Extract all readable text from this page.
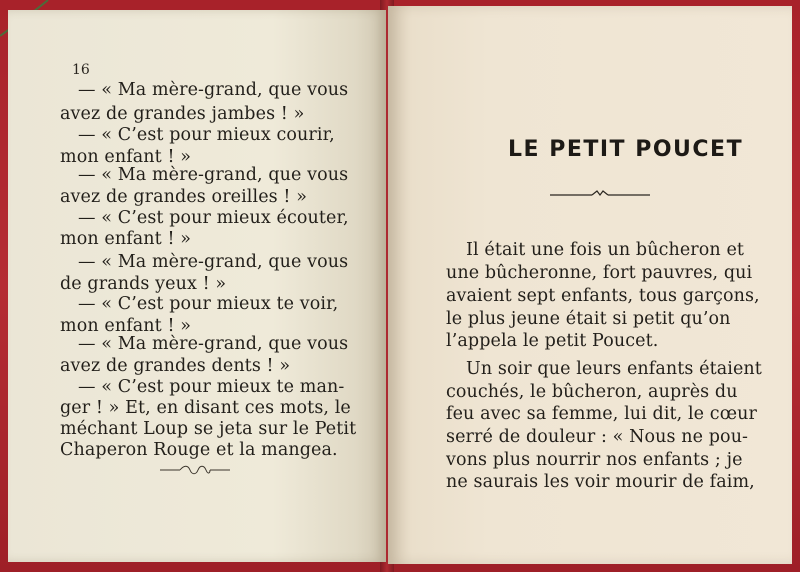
16
— « Ma mère-grand, que vous
avez de grandes jambes ! »
— « C’est pour mieux courir,
mon enfant ! »
— « Ma mère-grand, que vous
avez de grandes oreilles ! »
— « C’est pour mieux écouter,
mon enfant ! »
— « Ma mère-grand, que vous
de grands yeux ! »
— « C’est pour mieux te voir,
mon enfant ! »
— « Ma mère-grand, que vous
avez de grandes dents ! »
— « C’est pour mieux te man-
ger ! » Et, en disant ces mots, le
méchant Loup se jeta sur le Petit
Chaperon Rouge et la mangea.
LE PETIT POUCET
Il était une fois un bûcheron et
une bûcheronne, fort pauvres, qui
avaient sept enfants, tous garçons,
le plus jeune était si petit qu’on
l’appela le petit Poucet.
Un soir que leurs enfants étaient
couchés, le bûcheron, auprès du
feu avec sa femme, lui dit, le cœur
serré de douleur : « Nous ne pou-
vons plus nourrir nos enfants ; je
ne saurais les voir mourir de faim,
